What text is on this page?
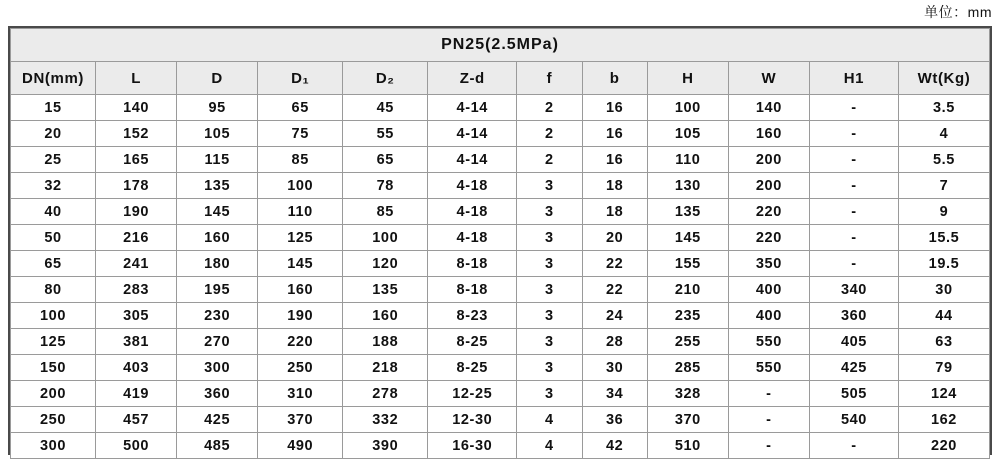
单位：mm
PN25(2.5MPa)											
DN(mm)	L	D	D₁	D₂	Z-d	f	b	H	W	H1	Wt(Kg)
15	140	95	65	45	4-14	2	16	100	140	-	3.5
20	152	105	75	55	4-14	2	16	105	160	-	4
25	165	115	85	65	4-14	2	16	110	200	-	5.5
32	178	135	100	78	4-18	3	18	130	200	-	7
40	190	145	110	85	4-18	3	18	135	220	-	9
50	216	160	125	100	4-18	3	20	145	220	-	15.5
65	241	180	145	120	8-18	3	22	155	350	-	19.5
80	283	195	160	135	8-18	3	22	210	400	340	30
100	305	230	190	160	8-23	3	24	235	400	360	44
125	381	270	220	188	8-25	3	28	255	550	405	63
150	403	300	250	218	8-25	3	30	285	550	425	79
200	419	360	310	278	12-25	3	34	328	-	505	124
250	457	425	370	332	12-30	4	36	370	-	540	162
300	500	485	490	390	16-30	4	42	510	-	-	220
